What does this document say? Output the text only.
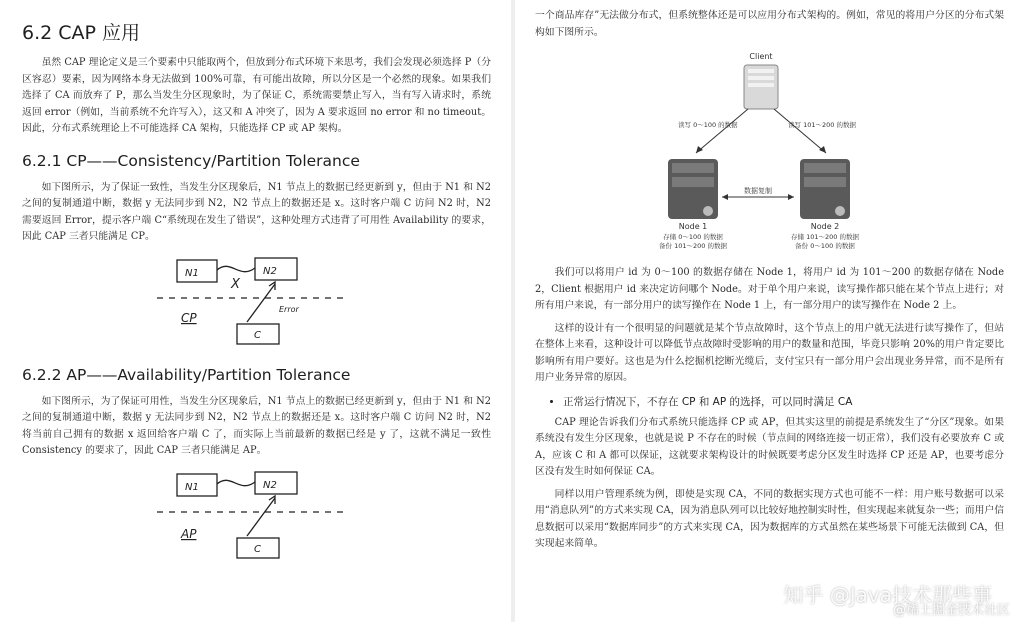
6.2 CAP 应用

虽然 CAP 理论定义是三个要素中只能取两个，但放到分布式环境下来思考，我们会发现必须选择 P（分区容忍）要素，因为网络本身无法做到 100%可靠，有可能出故障，所以分区是一个必然的现象。如果我们选择了 CA 而放弃了 P，那么当发生分区现象时，为了保证 C，系统需要禁止写入，当有写入请求时，系统返回 error（例如，当前系统不允许写入），这又和 A 冲突了，因为 A 要求返回 no error 和 no timeout。因此，分布式系统理论上不可能选择 CA 架构，只能选择 CP 或 AP 架构。

6.2.1 CP——Consistency/Partition Tolerance

如下图所示，为了保证一致性，当发生分区现象后，N1 节点上的数据已经更新到 y，但由于 N1 和 N2 之间的复制通道中断，数据 y 无法同步到 N2，N2 节点上的数据还是 x。这时客户端 C 访问 N2 时，N2 需要返回 Error，提示客户端 C“系统现在发生了错误”，这种处理方式违背了可用性 Availability 的要求，因此 CAP 三者只能满足 CP。

N1	N2
X
C
Error
CP
6.2.2 AP——Availability/Partition Tolerance

如下图所示，为了保证可用性，当发生分区现象后，N1 节点上的数据已经更新到 y，但由于 N1 和 N2 之间的复制通道中断，数据 y 无法同步到 N2，N2 节点上的数据还是 x。这时客户端 C 访问 N2 时，N2 将当前自己拥有的数据 x 返回给客户端 C 了，而实际上当前最新的数据已经是 y 了，这就不满足一致性 Consistency 的要求了，因此 CAP 三者只能满足 AP。

N1	N2
C
AP

一个商品库存”无法做分布式，但系统整体还是可以应用分布式架构的。例如，常见的将用户分区的分布式架构如下图所示。

Client
读写 0～100 的数据	读写 101～200 的数据
数据复制
Node 1
存储 0～100 的数据
备份 101～200 的数据
Node 2
存储 101～200 的数据
备份 0～100 的数据

我们可以将用户 id 为 0～100 的数据存储在 Node 1，将用户 id 为 101～200 的数据存储在 Node 2，Client 根据用户 id 来决定访问哪个 Node。对于单个用户来说，读写操作都只能在某个节点上进行；对所有用户来说，有一部分用户的读写操作在 Node 1 上，有一部分用户的读写操作在 Node 2 上。

这样的设计有一个很明显的问题就是某个节点故障时，这个节点上的用户就无法进行读写操作了，但站在整体上来看，这种设计可以降低节点故障时受影响的用户的数量和范围，毕竟只影响 20%的用户肯定要比影响所有用户要好。这也是为什么挖掘机挖断光缆后，支付宝只有一部分用户会出现业务异常，而不是所有用户业务异常的原因。

• 正常运行情况下，不存在 CP 和 AP 的选择，可以同时满足 CA

CAP 理论告诉我们分布式系统只能选择 CP 或 AP，但其实这里的前提是系统发生了“分区”现象。如果系统没有发生分区现象，也就是说 P 不存在的时候（节点间的网络连接一切正常），我们没有必要放弃 C 或 A，应该 C 和 A 都可以保证，这就要求架构设计的时候既要考虑分区发生时选择 CP 还是 AP，也要考虑分区没有发生时如何保证 CA。

同样以用户管理系统为例，即使是实现 CA，不同的数据实现方式也可能不一样：用户账号数据可以采用“消息队列”的方式来实现 CA，因为消息队列可以比较好地控制实时性，但实现起来就复杂一些；而用户信息数据可以采用“数据库同步”的方式来实现 CA，因为数据库的方式虽然在某些场景下可能无法做到 CA，但实现起来简单。

知乎 @Java技术那些事
@稀土掘金技术社区
